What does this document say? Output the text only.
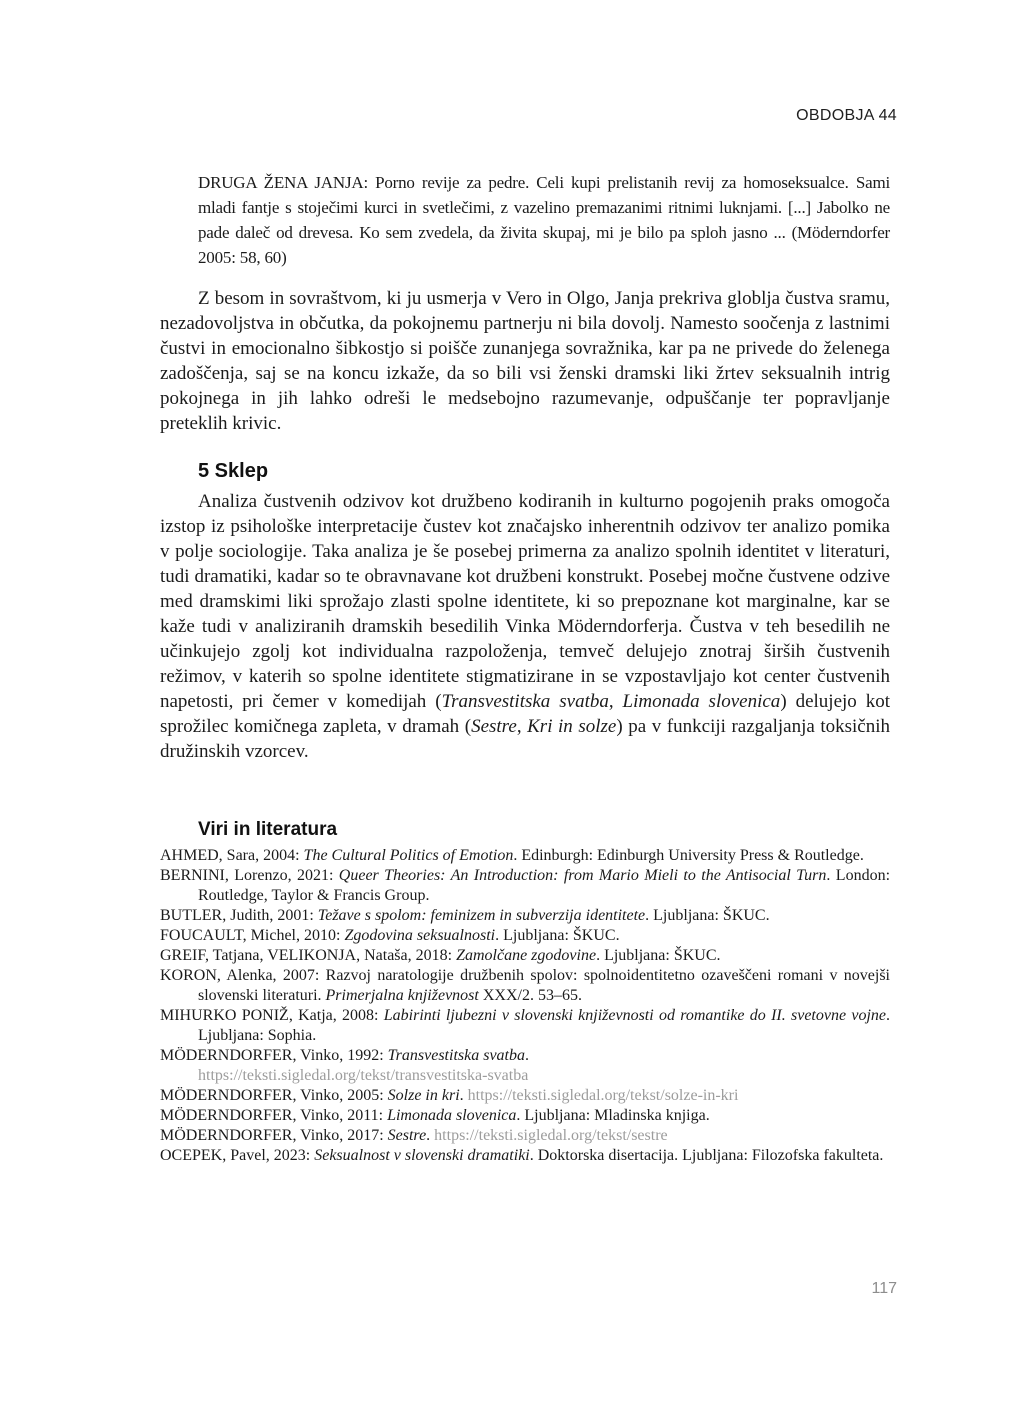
OBDOBJA 44
DRUGA ŽENA JANJA: Porno revije za pedre. Celi kupi prelistanih revij za homoseksualce. Sami mladi fantje s stoječimi kurci in svetlečimi, z vazelino premazanimi ritnimi luknjami. [...] Jabolko ne pade daleč od drevesa. Ko sem zvedela, da živita skupaj, mi je bilo pa sploh jasno ... (Möderndorfer 2005: 58, 60)

Z besom in sovraštvom, ki ju usmerja v Vero in Olgo, Janja prekriva globlja čustva sramu, nezadovoljstva in občutka, da pokojnemu partnerju ni bila dovolj. Namesto soočenja z lastnimi čustvi in emocionalno šibkostjo si poišče zunanjega sovražnika, kar pa ne privede do želenega zadoščenja, saj se na koncu izkaže, da so bili vsi ženski dramski liki žrtev seksualnih intrig pokojnega in jih lahko odreši le medsebojno razumevanje, odpuščanje ter popravljanje preteklih krivic.

5 Sklep

Analiza čustvenih odzivov kot družbeno kodiranih in kulturno pogojenih praks omogoča izstop iz psihološke interpretacije čustev kot značajsko inherentnih odzivov ter analizo pomika v polje sociologije. Taka analiza je še posebej primerna za analizo spolnih identitet v literaturi, tudi dramatiki, kadar so te obravnavane kot družbeni konstrukt. Posebej močne čustvene odzive med dramskimi liki sprožajo zlasti spolne identitete, ki so prepoznane kot marginalne, kar se kaže tudi v analiziranih dramskih besedilih Vinka Möderndorferja. Čustva v teh besedilih ne učinkujejo zgolj kot individualna razpoloženja, temveč delujejo znotraj širših čustvenih režimov, v katerih so spolne identitete stigmatizirane in se vzpostavljajo kot center čustvenih napetosti, pri čemer v komedijah (Transvestitska svatba, Limonada slovenica) delujejo kot sprožilec komičnega zapleta, v dramah (Sestre, Kri in solze) pa v funkciji razgaljanja toksičnih družinskih vzorcev.

Viri in literatura

AHMED, Sara, 2004: The Cultural Politics of Emotion. Edinburgh: Edinburgh University Press & Routledge.

BERNINI, Lorenzo, 2021: Queer Theories: An Introduction: from Mario Mieli to the Antisocial Turn. London: Routledge, Taylor & Francis Group.

BUTLER, Judith, 2001: Težave s spolom: feminizem in subverzija identitete. Ljubljana: ŠKUC.

FOUCAULT, Michel, 2010: Zgodovina seksualnosti. Ljubljana: ŠKUC.

GREIF, Tatjana, VELIKONJA, Nataša, 2018: Zamolčane zgodovine. Ljubljana: ŠKUC.

KORON, Alenka, 2007: Razvoj naratologije družbenih spolov: spolnoidentitetno ozaveščeni romani v novejši slovenski literaturi. Primerjalna književnost XXX/2. 53–65.

MIHURKO PONIŽ, Katja, 2008: Labirinti ljubezni v slovenski književnosti od romantike do II. svetovne vojne. Ljubljana: Sophia.

MÖDERNDORFER, Vinko, 1992: Transvestitska svatba.
https://teksti.sigledal.org/tekst/transvestitska-svatba

MÖDERNDORFER, Vinko, 2005: Solze in kri. https://teksti.sigledal.org/tekst/solze-in-kri

MÖDERNDORFER, Vinko, 2011: Limonada slovenica. Ljubljana: Mladinska knjiga.

MÖDERNDORFER, Vinko, 2017: Sestre. https://teksti.sigledal.org/tekst/sestre

OCEPEK, Pavel, 2023: Seksualnost v slovenski dramatiki. Doktorska disertacija. Ljubljana: Filozofska fakulteta.

117
